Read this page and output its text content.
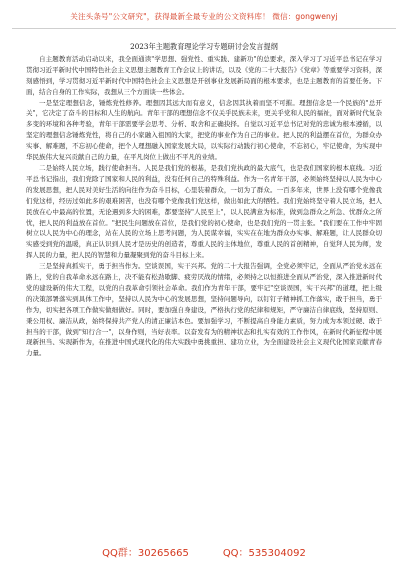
关注头条号"公文研究"，获得最新全最专业的公文资料库！ 微信：gongwenyj

2023年主题教育理论学习专题研讨会发言提纲

自主题教育活动启动以来，我全面通读"学思想、强党性、重实践、建新功"的总要求，深入学习了习近平总书记在学习贯彻习近平新时代中国特色社会主义思想主题教育工作会议上的讲话，以及《党的二十大报告》《党章》等重要学习资料，深刻感悟到，学习贯彻习近平新时代中国特色社会主义思想是开创事业发展新局面的根本要求，也是主题教育的首要任务。下面，结合自身的工作实际，我想从三个方面谈一些体会。

一是坚定理想信念，锤炼党性修养。理想因其远大而有意义，信念因其执着而坚不可摧。理想信念是一个民族的"总开关"，它决定了奋斗的目标和人生的航向。青年干部的理想信念不仅关乎民族未来，更关乎党和人民的福祉，面对新时代复杂多变的环境和各种考验，青年干部需要学会思考、分析、取舍和正确抉择。自觉以习近平总书记对党的忠诚为根本遵循，以坚定的理想信念锤炼党性，将自己的小家融入祖国的大家，把党的事业作为自己的事业。把人民的利益摆在首位，为群众办实事、解难题，不忘初心使命，把个人理想融入国家发展大局，以实际行动践行初心使命，不忘初心，牢记使命，为实现中华民族伟大复兴贡献自己的力量，在平凡岗位上做出不平凡的业绩。

二是始终人民立场，践行使命担当。人民是我们党的根基，是我们党执政的最大底气，也是我们国家的根本底线。习近平总书记指出，我们党除了国家和人民的利益，没有任何自己的特殊利益。作为一名青年干部，必须始终坚持以人民为中心的发展思想，把人民对美好生活的向往作为奋斗目标，心里装着群众，一切为了群众。一百多年来，世界上没有哪个党像我们党这样，经历过如此多的艰难困苦，也没有哪个党像我们党这样，做出如此大的牺牲。我们党始终坚守着人民立场，把人民放在心中最高的位置，无论遇到多大的困难，都要坚持"人民至上"，以人民满意为标准，做到急群众之所急、忧群众之所忧，把人民的利益放在首位。"把民生问题放在首位，是我们党的初心使命，也是我们党的一贯主张。"我们要在工作中牢固树立以人民为中心的理念，站在人民的立场上思考问题，为人民谋幸福，实实在在地为群众办实事、解难题，让人民群众切实感受到党的温暖，真正认识到人民才是历史的创造者，尊重人民的主体地位，尊重人民的首创精神，自觉拜人民为师，发挥人民的力量，把人民的智慧和力量凝聚到党的奋斗目标上来。

三是坚持真抓实干，勇于担当作为。空谈误国，实干兴邦。党的二十大报告强调，全党必须牢记，全面从严治党永远在路上，党的自我革命永远在路上，决不能有松劲歇脚、疲劳厌战的情绪，必须持之以恒推进全面从严治党，深入推进新时代党的建设新的伟大工程，以党的自我革命引领社会革命。我们作为青年干部，要牢记"空谈误国，实干兴邦"的道理，把上级的决策部署落实到具体工作中，坚持以人民为中心的发展思想，坚持问题导向，以钉钉子精神抓工作落实，敢于担当，勇于作为，切实把各项工作做实做细做好。同时，要加强自身建设，严格执行党的纪律和规矩，严守廉洁自律底线，坚持原则、秉公用权、廉洁从政，始终保持共产党人的清正廉洁本色。要加强学习，不断提高自身能力素质，努力成为本领过硬、敢于担当的干部，做到"知行合一"，以身作则，当好表率。以奋发有为的精神状态和扎实有效的工作作风，在新时代新征程中展现新担当、实现新作为，在推进中国式现代化的伟大实践中勇挑重担、建功立业，为全面建设社会主义现代化国家贡献青春力量。

QQ群：30265665	QQ：535304092
